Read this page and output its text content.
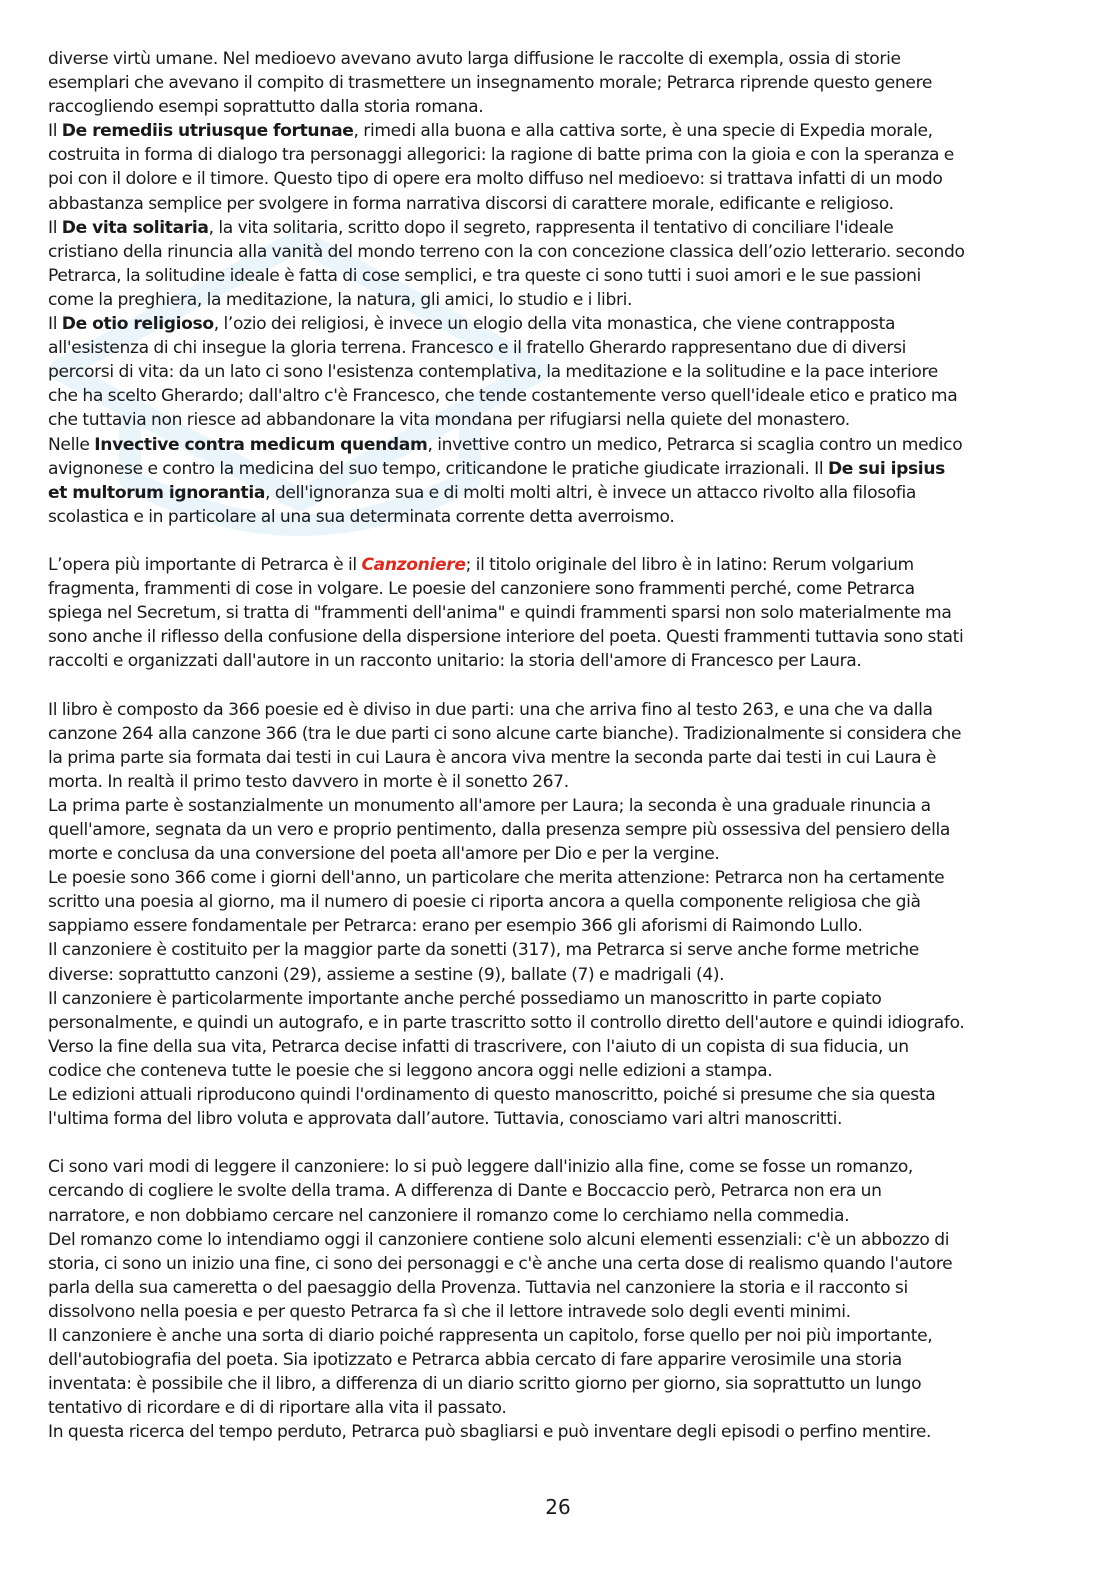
diverse virtù umane. Nel medioevo avevano avuto larga diffusione le raccolte di exempla, ossia di storie
esemplari che avevano il compito di trasmettere un insegnamento morale; Petrarca riprende questo genere
raccogliendo esempi soprattutto dalla storia romana.
Il De remediis utriusque fortunae, rimedi alla buona e alla cattiva sorte, è una specie di Expedia morale,
costruita in forma di dialogo tra personaggi allegorici: la ragione di batte prima con la gioia e con la speranza e
poi con il dolore e il timore. Questo tipo di opere era molto diffuso nel medioevo: si trattava infatti di un modo
abbastanza semplice per svolgere in forma narrativa discorsi di carattere morale, edificante e religioso.
Il De vita solitaria, la vita solitaria, scritto dopo il segreto, rappresenta il tentativo di conciliare l'ideale
cristiano della rinuncia alla vanità del mondo terreno con la con concezione classica dell’ozio letterario. secondo
Petrarca, la solitudine ideale è fatta di cose semplici, e tra queste ci sono tutti i suoi amori e le sue passioni
come la preghiera, la meditazione, la natura, gli amici, lo studio e i libri.
Il De otio religioso, l’ozio dei religiosi, è invece un elogio della vita monastica, che viene contrapposta
all'esistenza di chi insegue la gloria terrena. Francesco e il fratello Gherardo rappresentano due di diversi
percorsi di vita: da un lato ci sono l'esistenza contemplativa, la meditazione e la solitudine e la pace interiore
che ha scelto Gherardo; dall'altro c'è Francesco, che tende costantemente verso quell'ideale etico e pratico ma
che tuttavia non riesce ad abbandonare la vita mondana per rifugiarsi nella quiete del monastero.
Nelle Invective contra medicum quendam, invettive contro un medico, Petrarca si scaglia contro un medico
avignonese e contro la medicina del suo tempo, criticandone le pratiche giudicate irrazionali. Il De sui ipsius
et multorum ignorantia, dell'ignoranza sua e di molti molti altri, è invece un attacco rivolto alla filosofia
scolastica e in particolare al una sua determinata corrente detta averroismo.
L’opera più importante di Petrarca è il Canzoniere; il titolo originale del libro è in latino: Rerum volgarium
fragmenta, frammenti di cose in volgare. Le poesie del canzoniere sono frammenti perché, come Petrarca
spiega nel Secretum, si tratta di "frammenti dell'anima" e quindi frammenti sparsi non solo materialmente ma
sono anche il riflesso della confusione della dispersione interiore del poeta. Questi frammenti tuttavia sono stati
raccolti e organizzati dall'autore in un racconto unitario: la storia dell'amore di Francesco per Laura.
Il libro è composto da 366 poesie ed è diviso in due parti: una che arriva fino al testo 263, e una che va dalla
canzone 264 alla canzone 366 (tra le due parti ci sono alcune carte bianche). Tradizionalmente si considera che
la prima parte sia formata dai testi in cui Laura è ancora viva mentre la seconda parte dai testi in cui Laura è
morta. In realtà il primo testo davvero in morte è il sonetto 267.
La prima parte è sostanzialmente un monumento all'amore per Laura; la seconda è una graduale rinuncia a
quell'amore, segnata da un vero e proprio pentimento, dalla presenza sempre più ossessiva del pensiero della
morte e conclusa da una conversione del poeta all'amore per Dio e per la vergine.
Le poesie sono 366 come i giorni dell'anno, un particolare che merita attenzione: Petrarca non ha certamente
scritto una poesia al giorno, ma il numero di poesie ci riporta ancora a quella componente religiosa che già
sappiamo essere fondamentale per Petrarca: erano per esempio 366 gli aforismi di Raimondo Lullo.
Il canzoniere è costituito per la maggior parte da sonetti (317), ma Petrarca si serve anche forme metriche
diverse: soprattutto canzoni (29), assieme a sestine (9), ballate (7) e madrigali (4).
Il canzoniere è particolarmente importante anche perché possediamo un manoscritto in parte copiato
personalmente, e quindi un autografo, e in parte trascritto sotto il controllo diretto dell'autore e quindi idiografo.
Verso la fine della sua vita, Petrarca decise infatti di trascrivere, con l'aiuto di un copista di sua fiducia, un
codice che conteneva tutte le poesie che si leggono ancora oggi nelle edizioni a stampa.
Le edizioni attuali riproducono quindi l'ordinamento di questo manoscritto, poiché si presume che sia questa
l'ultima forma del libro voluta e approvata dall’autore. Tuttavia, conosciamo vari altri manoscritti.
Ci sono vari modi di leggere il canzoniere: lo si può leggere dall'inizio alla fine, come se fosse un romanzo,
cercando di cogliere le svolte della trama. A differenza di Dante e Boccaccio però, Petrarca non era un
narratore, e non dobbiamo cercare nel canzoniere il romanzo come lo cerchiamo nella commedia.
Del romanzo come lo intendiamo oggi il canzoniere contiene solo alcuni elementi essenziali: c'è un abbozzo di
storia, ci sono un inizio una fine, ci sono dei personaggi e c'è anche una certa dose di realismo quando l'autore
parla della sua cameretta o del paesaggio della Provenza. Tuttavia nel canzoniere la storia e il racconto si
dissolvono nella poesia e per questo Petrarca fa sì che il lettore intravede solo degli eventi minimi.
Il canzoniere è anche una sorta di diario poiché rappresenta un capitolo, forse quello per noi più importante,
dell'autobiografia del poeta. Sia ipotizzato e Petrarca abbia cercato di fare apparire verosimile una storia
inventata: è possibile che il libro, a differenza di un diario scritto giorno per giorno, sia soprattutto un lungo
tentativo di ricordare e di di riportare alla vita il passato.
In questa ricerca del tempo perduto, Petrarca può sbagliarsi e può inventare degli episodi o perfino mentire.
26
